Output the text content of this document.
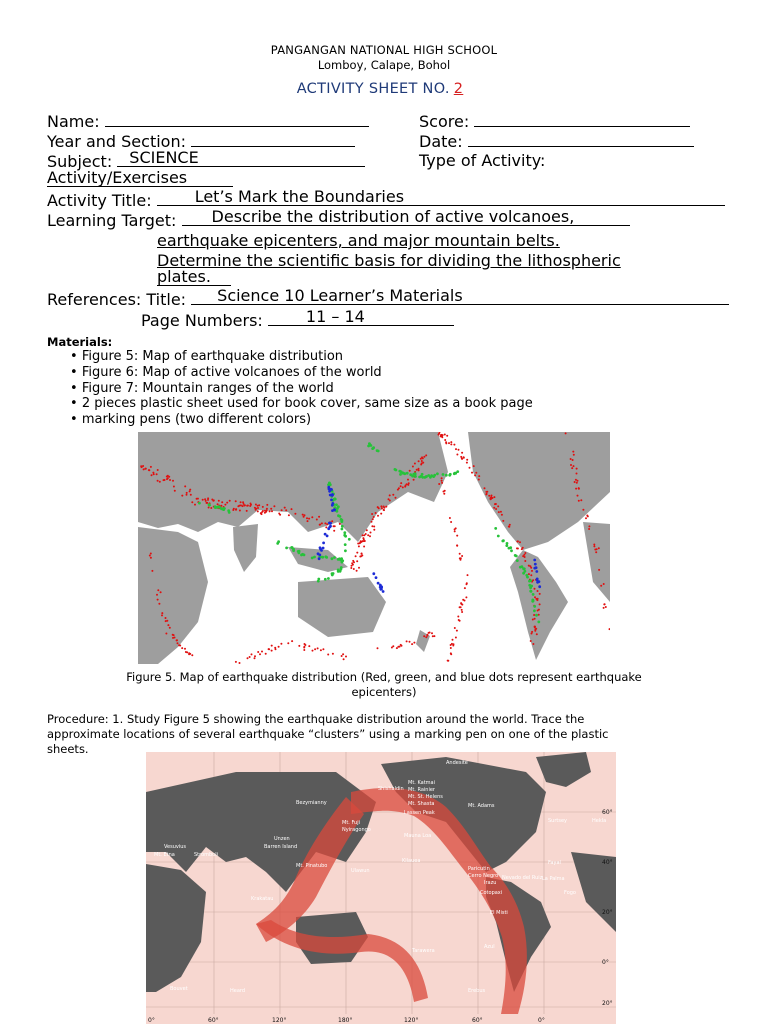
PANGANGAN NATIONAL HIGH SCHOOL
Lomboy, Calape, Bohol
ACTIVITY SHEET NO. 2
Name:	Score:
Year and Section:	Date:
Subject: SCIENCE	Type of Activity:
Activity/Exercises
Activity Title:	Let’s Mark the Boundaries
Learning Target: Describe the distribution of active volcanoes,
earthquake epicenters, and major mountain belts.
Determine the scientific basis for dividing the lithospheric
plates.
References: Title: Science 10 Learner’s Materials
Page Numbers:	11 – 14
Materials:
• Figure 5: Map of earthquake distribution
• Figure 6: Map of active volcanoes of the world
• Figure 7: Mountain ranges of the world
• 2 pieces plastic sheet used for book cover, same size as a book page
• marking pens (two different colors)
Figure 5. Map of earthquake distribution (Red, green, and blue dots represent earthquake
epicenters)
Procedure: 1. Study Figure 5 showing the earthquake distribution around the world. Trace the
approximate locations of several earthquake “clusters” using a marking pen on one of the plastic
sheets.
Andesite
Bezymianny
Mt. Katmai
Mt. Rainier
Mt. St. Helens
Mt. Shasta
Lassen Peak
Mt. Adams
Shishaldin
Mt. Fuji
Nyiragongo
Mauna Loa
Unzen
Barren Island
Mt. Etna
Vesuvius
Stromboli
Ulawun
Kilauea
Mt. Pinatubo
Krakatau
Paricutin
Cerro Negro
Irazu
Cotopaxi
Nevado del Ruiz
El Misti
Azul
Tarawera
Erebus
Heard
Bouvet
Hekla
Surtsey
Fayal
La Palma
Fogo
0°	60°	120°	180°	120°	60°	0°
60°
40°
20°
0°
20°
